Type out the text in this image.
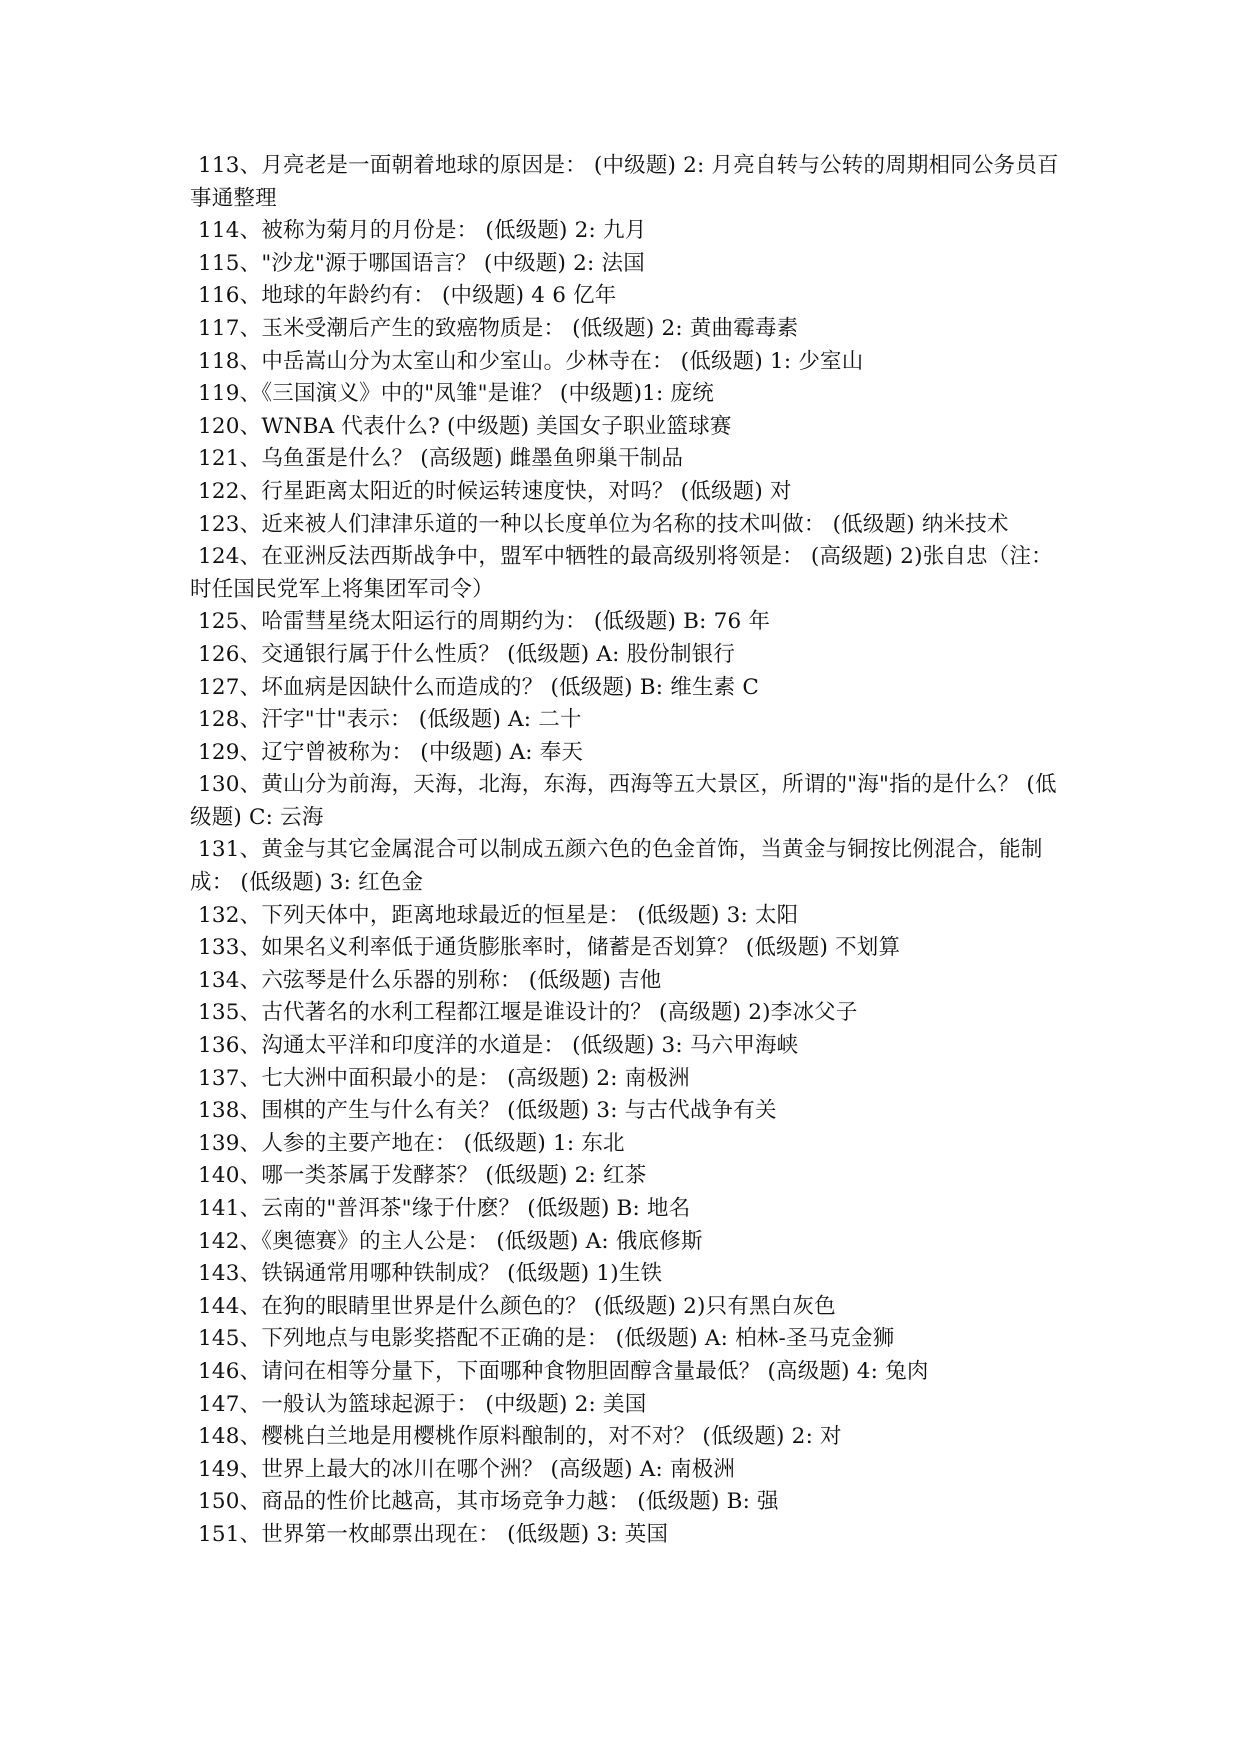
113、月亮老是一面朝着地球的原因是： (中级题) 2: 月亮自转与公转的周期相同公务员百事通整理

114、被称为菊月的月份是： (低级题) 2: 九月

115、"沙龙"源于哪国语言？ (中级题) 2: 法国

116、地球的年龄约有： (中级题) 4 6 亿年

117、玉米受潮后产生的致癌物质是： (低级题) 2: 黄曲霉毒素

118、中岳嵩山分为太室山和少室山。少林寺在： (低级题) 1: 少室山

119、《三国演义》中的"凤雏"是谁？ (中级题)1: 庞统

120、WNBA 代表什么? (中级题) 美国女子职业篮球赛

121、乌鱼蛋是什么？ (高级题) 雌墨鱼卵巢干制品

122、行星距离太阳近的时候运转速度快，对吗？ (低级题) 对

123、近来被人们津津乐道的一种以长度单位为名称的技术叫做： (低级题) 纳米技术

124、在亚洲反法西斯战争中，盟军中牺牲的最高级别将领是： (高级题) 2)张自忠（注：时任国民党军上将集团军司令）

125、哈雷彗星绕太阳运行的周期约为： (低级题) B: 76 年

126、交通银行属于什么性质？ (低级题) A: 股份制银行

127、坏血病是因缺什么而造成的？ (低级题) B: 维生素 C

128、汗字"廿"表示： (低级题) A: 二十

129、辽宁曾被称为： (中级题) A: 奉天

130、黄山分为前海，天海，北海，东海，西海等五大景区，所谓的"海"指的是什么？ (低级题) C: 云海

131、黄金与其它金属混合可以制成五颜六色的色金首饰，当黄金与铜按比例混合，能制成： (低级题) 3: 红色金

132、下列天体中，距离地球最近的恒星是： (低级题) 3: 太阳

133、如果名义利率低于通货膨胀率时，储蓄是否划算？ (低级题) 不划算

134、六弦琴是什么乐器的别称： (低级题) 吉他

135、古代著名的水利工程都江堰是谁设计的？ (高级题) 2)李冰父子

136、沟通太平洋和印度洋的水道是： (低级题) 3: 马六甲海峡

137、七大洲中面积最小的是： (高级题) 2: 南极洲

138、围棋的产生与什么有关？ (低级题) 3: 与古代战争有关

139、人参的主要产地在： (低级题) 1: 东北

140、哪一类茶属于发酵茶？ (低级题) 2: 红茶

141、云南的"普洱茶"缘于什麽？ (低级题) B: 地名

142、《奥德赛》的主人公是： (低级题) A: 俄底修斯

143、铁锅通常用哪种铁制成？ (低级题) 1)生铁

144、在狗的眼睛里世界是什么颜色的？ (低级题) 2)只有黑白灰色

145、下列地点与电影奖搭配不正确的是： (低级题) A: 柏林-圣马克金狮

146、请问在相等分量下，下面哪种食物胆固醇含量最低？ (高级题) 4: 兔肉

147、一般认为篮球起源于： (中级题) 2: 美国

148、樱桃白兰地是用樱桃作原料酿制的，对不对？ (低级题) 2: 对

149、世界上最大的冰川在哪个洲？ (高级题) A: 南极洲

150、商品的性价比越高，其市场竞争力越： (低级题) B: 强

151、世界第一枚邮票出现在： (低级题) 3: 英国
